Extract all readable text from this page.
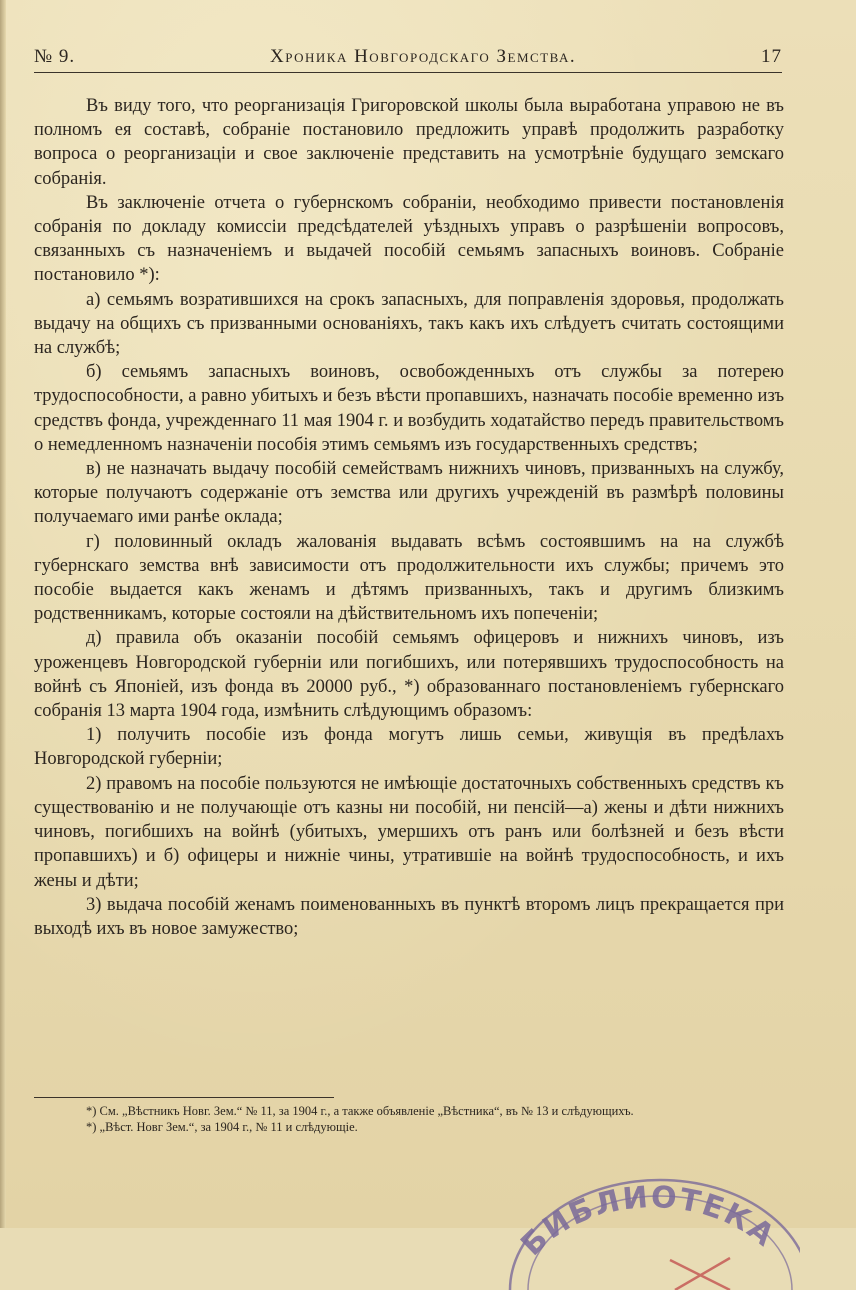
№ 9.	Хроника Новгородскаго Земства.	17

Въ виду того, что реорганизація Григоровской школы была выработана управою не въ полномъ ея составѣ, собраніе постановило предложить управѣ продолжить разработку вопроса о реорганизаціи и свое заключеніе представить на усмотрѣніе будущаго земскаго собранія.

Въ заключеніе отчета о губернскомъ собраніи, необходимо привести постановленія собранія по докладу комиссіи предсѣдателей уѣздныхъ управъ о разрѣшеніи вопросовъ, связанныхъ съ назначеніемъ и выдачей пособій семьямъ запасныхъ воиновъ. Собраніе постановило *):

а) семьямъ возратившихся на срокъ запасныхъ, для поправленія здоровья, продолжать выдачу на общихъ съ призванными основаніяхъ, такъ какъ ихъ слѣдуетъ считать состоящими на службѣ;

б) семьямъ запасныхъ воиновъ, освобожденныхъ отъ службы за потерею трудоспособности, а равно убитыхъ и безъ вѣсти пропавшихъ, назначать пособіе временно изъ средствъ фонда, учрежденнаго 11 мая 1904 г. и возбудить ходатайство передъ правительствомъ о немедленномъ назначеніи пособія этимъ семьямъ изъ государственныхъ средствъ;

в) не назначать выдачу пособій семействамъ нижнихъ чиновъ, призванныхъ на службу, которые получаютъ содержаніе отъ земства или другихъ учрежденій въ размѣрѣ половины получаемаго ими ранѣе оклада;

г) половинный окладъ жалованія выдавать всѣмъ состоявшимъ на на службѣ губернскаго земства внѣ зависимости отъ продолжительности ихъ службы; причемъ это пособіе выдается какъ женамъ и дѣтямъ призванныхъ, такъ и другимъ близкимъ родственникамъ, которые состояли на дѣйствительномъ ихъ попеченіи;

д) правила объ оказаніи пособій семьямъ офицеровъ и нижнихъ чиновъ, изъ уроженцевъ Новгородской губерніи или погибшихъ, или потерявшихъ трудоспособность на войнѣ съ Японіей, изъ фонда въ 20000 руб., *) образованнаго постановленіемъ губернскаго собранія 13 марта 1904 года, измѣнить слѣдующимъ образомъ:

1) получить пособіе изъ фонда могутъ лишь семьи, живущія въ предѣлахъ Новгородской губерніи;

2) правомъ на пособіе пользуются не имѣющіе достаточныхъ собственныхъ средствъ къ существованію и не получающіе отъ казны ни пособій, ни пенсій—а) жены и дѣти нижнихъ чиновъ, погибшихъ на войнѣ (убитыхъ, умершихъ отъ ранъ или болѣзней и безъ вѣсти пропавшихъ) и б) офицеры и нижніе чины, утратившіе на войнѣ трудоспособность, и ихъ жены и дѣти;

3) выдача пособій женамъ поименованныхъ въ пунктѣ второмъ лицъ прекращается при выходѣ ихъ въ новое замужество;

*) См. „Вѣстникъ Новг. Зем.“ № 11, за 1904 г., а также объявленіе „Вѣстника“, въ № 13 и слѣдующихъ.

*) „Вѣст. Новг Зем.“, за 1904 г., № 11 и слѣдующіе.

БИБЛИОТЕКА
